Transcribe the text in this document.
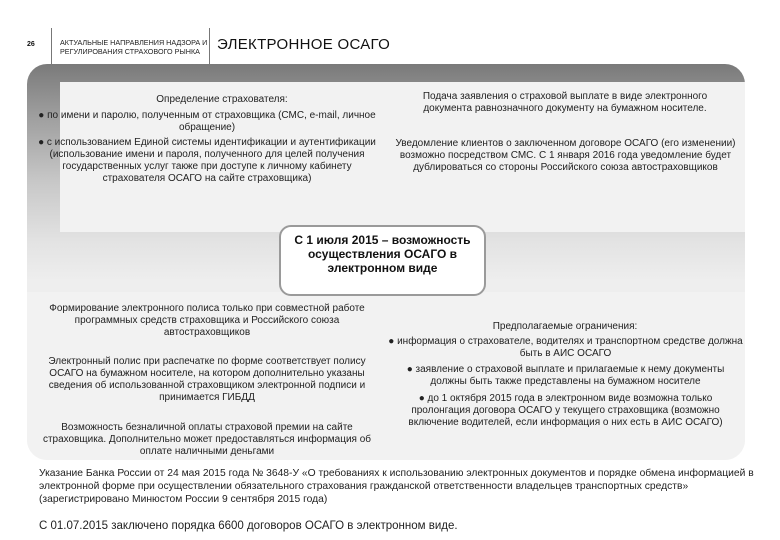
26	АКТУАЛЬНЫЕ НАПРАВЛЕНИЯ НАДЗОРА И
РЕГУЛИРОВАНИЯ СТРАХОВОГО РЫНКА	ЭЛЕКТРОННОЕ ОСАГО
Определение страхователя:
● по имени и паролю, полученным от страховщика (СМС, e-mail, личное обращение)
● с использованием Единой системы идентификации и аутентификации (использование имени и пароля, полученного для целей получения государственных услуг также при доступе к личному кабинету страхователя ОСАГО на сайте страховщика)
Подача заявления о страховой выплате в виде электронного документа равнозначного документу на бумажном носителе.
Уведомление клиентов о заключенном договоре ОСАГО (его изменении) возможно посредством СМС. С 1 января 2016 года уведомление будет дублироваться со стороны Российского союза автостраховщиков
С 1 июля 2015 – возможность осуществления ОСАГО в электронном виде
Формирование электронного полиса только при совместной работе программных средств страховщика и Российского союза автостраховщиков
Электронный полис при распечатке по форме соответствует полису ОСАГО на бумажном носителе, на котором дополнительно указаны сведения об использованной страховщиком электронной подписи и принимается ГИБДД
Возможность безналичной оплаты страховой премии на сайте страховщика. Дополнительно может предоставляться информация об оплате наличными деньгами
Предполагаемые ограничения:
● информация о страхователе, водителях и транспортном средстве должна быть в АИС ОСАГО
● заявление о страховой выплате и прилагаемые к нему документы должны быть также представлены на бумажном носителе
● до 1 октября 2015 года в электронном виде возможна только пролонгация договора ОСАГО у текущего страховщика (возможно включение водителей, если информация о них есть в АИС ОСАГО)
Указание Банка России от 24 мая 2015 года № 3648-У «О требованиях к использованию электронных документов и порядке обмена информацией в электронной форме при осуществлении обязательного страхования гражданской ответственности владельцев транспортных средств» (зарегистрировано Минюстом России 9 сентября 2015 года)
С 01.07.2015 заключено порядка 6600 договоров ОСАГО в электронном виде.
